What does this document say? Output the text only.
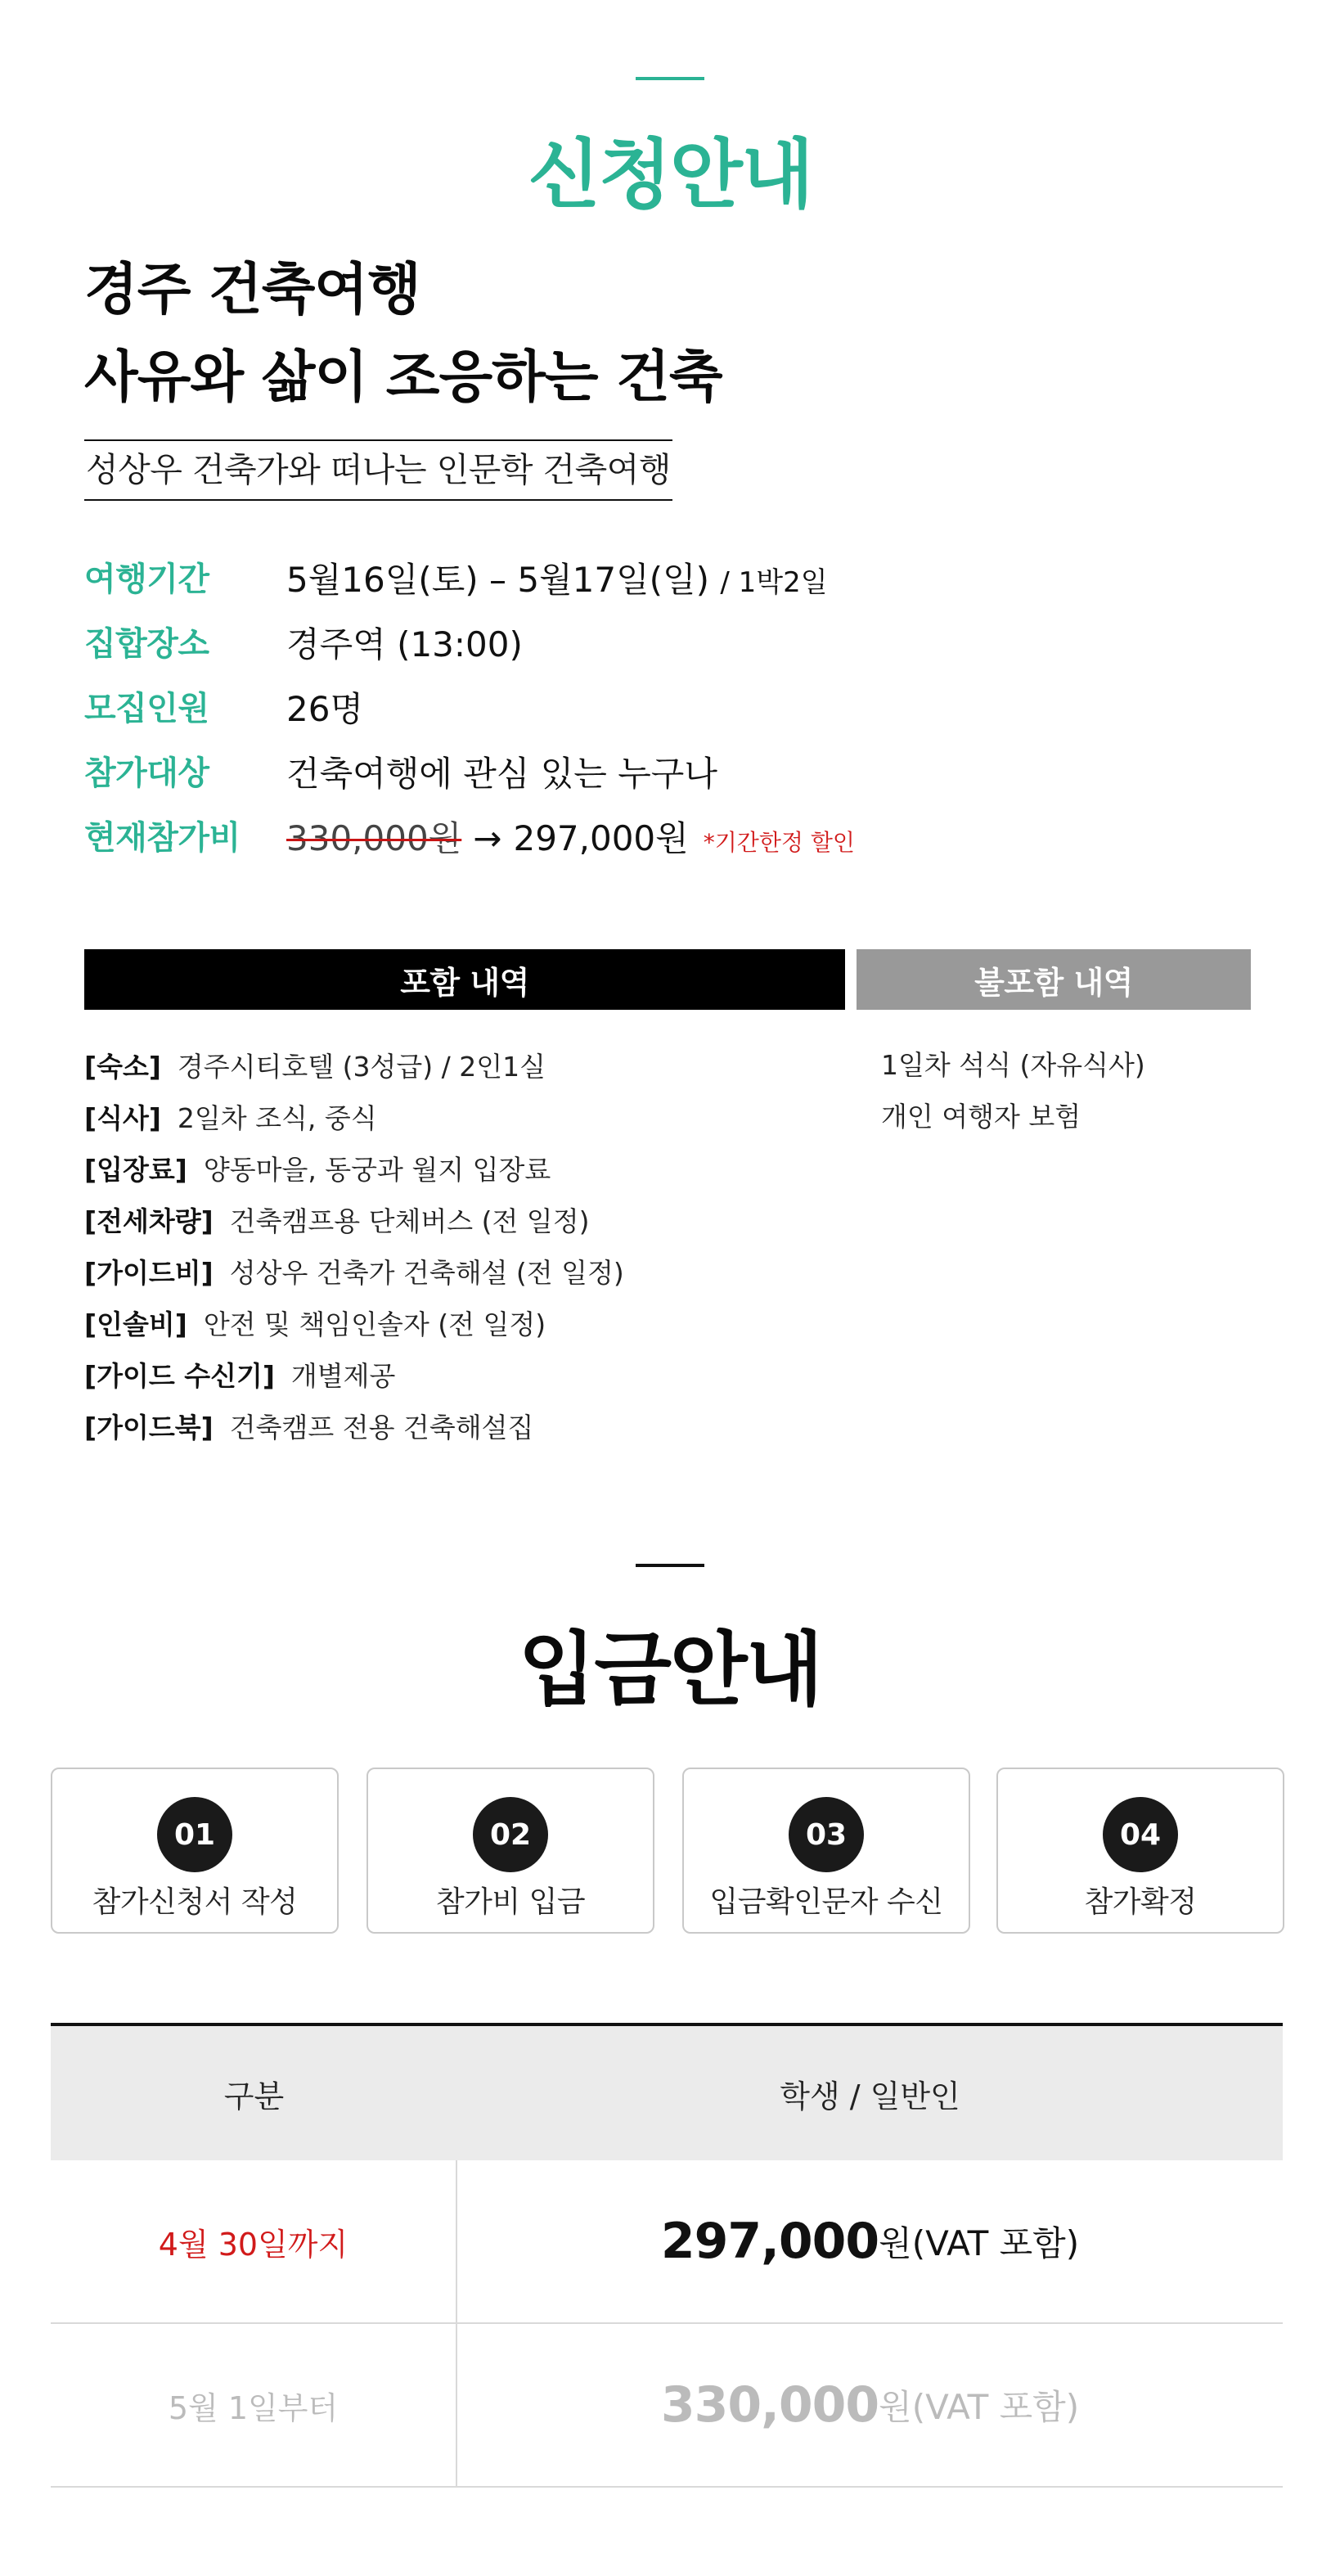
신청안내
경주 건축여행
사유와 삶이 조응하는 건축
성상우 건축가와 떠나는 인문학 건축여행
여행기간 5월16일(토) – 5월17일(일) / 1박2일
집합장소 경주역 (13:00)
모집인원 26명
참가대상 건축여행에 관심 있는 누구나
현재참가비 330,000원 → 297,000원 *기간한정 할인
포함 내역	불포함 내역
[숙소] 경주시티호텔 (3성급) / 2인1실
[식사] 2일차 조식, 중식
[입장료] 양동마을, 동궁과 월지 입장료
[전세차량] 건축캠프용 단체버스 (전 일정)
[가이드비] 성상우 건축가 건축해설 (전 일정)
[인솔비] 안전 및 책임인솔자 (전 일정)
[가이드 수신기] 개별제공
[가이드북] 건축캠프 전용 건축해설집
1일차 석식 (자유식사)
개인 여행자 보험
입금안내
01
참가신청서 작성
02
참가비 입금
03
입금확인문자 수신
04
참가확정
구분	학생 / 일반인
4월 30일까지	297,000 원 (VAT 포함)
5월 1일부터	330,000 원 (VAT 포함)
